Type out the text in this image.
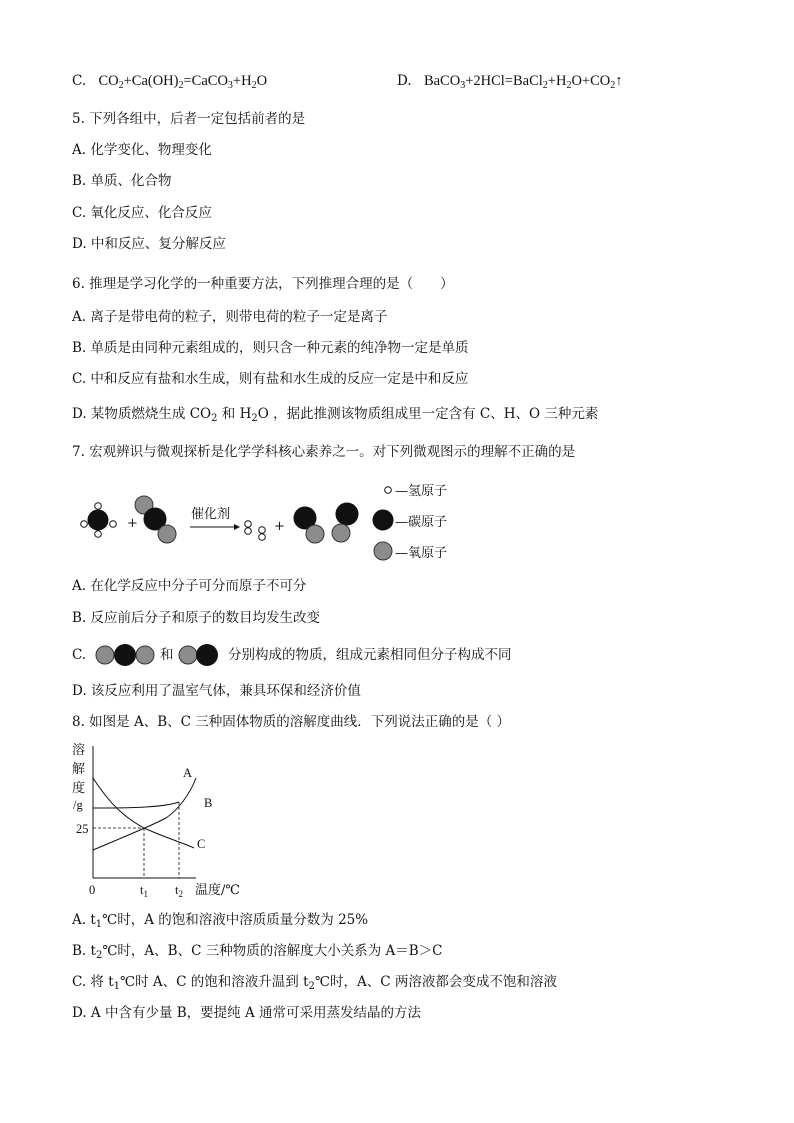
C. $CO_2+Ca(OH)_2=CaCO_3+H_2O$	D. $BaCO_3+2HCl=BaCl_2+H_2O+CO_2↑$
5. 下列各组中，后者一定包括前者的是
A. 化学变化、物理变化
B. 单质、化合物
C. 氧化反应、化合反应
D. 中和反应、复分解反应
6. 推理是学习化学的一种重要方法，下列推理合理的是（　　）
A. 离子是带电荷的粒子，则带电荷的粒子一定是离子
B. 单质是由同种元素组成的，则只含一种元素的纯净物一定是单质
C. 中和反应有盐和水生成，则有盐和水生成的反应一定是中和反应
D. 某物质燃烧生成 $CO_2$ 和 $H_2O$ ，据此推测该物质组成里一定含有 C、H、O 三种元素
7. 宏观辨识与微观探析是化学学科核心素养之一。对下列微观图示的理解不正确的是
+
催化剂
+
—氢原子
—碳原子
—氧原子
A. 在化学反应中分子可分而原子不可分
B. 反应前后分子和原子的数目均发生改变
C.	和	分别构成的物质，组成元素相同但分子构成不同
D. 该反应利用了温室气体，兼具环保和经济价值
8. 如图是 A、B、C 三种固体物质的溶解度曲线．下列说法正确的是（ ）
溶
解
度
/g
25
A
B
C
0	$t_1$ $t_2$ 温度/℃
A. $t_1℃$时，A 的饱和溶液中溶质质量分数为 25%
B. $t_2℃$时，A、B、C 三种物质的溶解度大小关系为 A＝B＞C
C. 将 $t_1℃$时 A、C 的饱和溶液升温到 $t_2℃$时，A、C 两溶液都会变成不饱和溶液
D. A 中含有少量 B，要提纯 A 通常可采用蒸发结晶的方法
